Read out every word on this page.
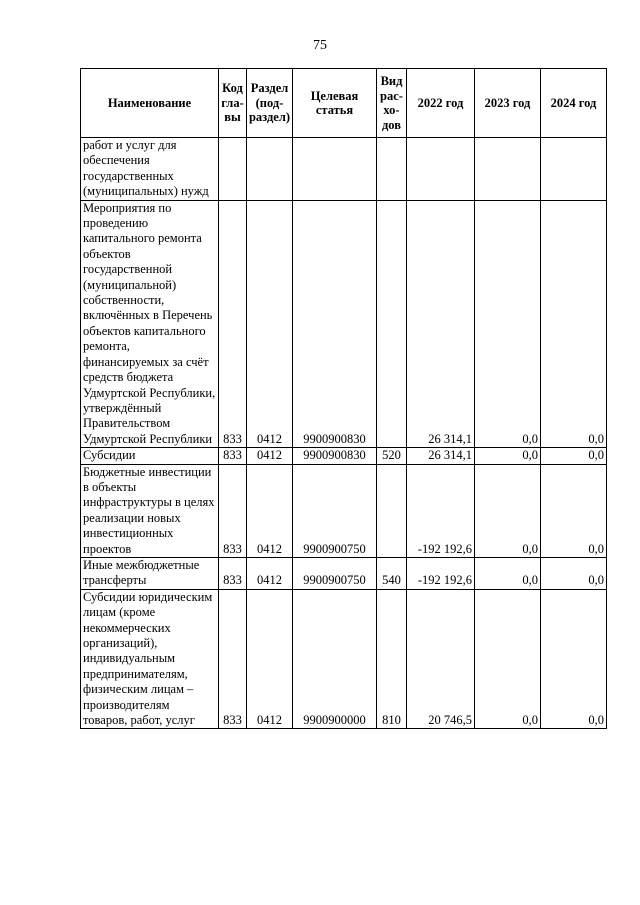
75
Наименование	Код гла-вы	Раздел (под-раздел)	Целевая статья	Вид рас-хо-дов	2022 год	2023 год	2024 год
работ и услуг для обеспечения государственных (муниципальных) нужд							
Мероприятия по проведению капитального ремонта объектов государственной (муниципальной) собственности, включённых в Перечень объектов капитального ремонта, финансируемых за счёт средств бюджета Удмуртской Республики, утверждённый Правительством Удмуртской Республики	833	0412	9900900830		26 314,1	0,0	0,0
Субсидии	833	0412	9900900830	520	26 314,1	0,0	0,0
Бюджетные инвестиции в объекты инфраструктуры в целях реализации новых инвестиционных проектов	833	0412	9900900750		-192 192,6	0,0	0,0
Иные межбюджетные трансферты	833	0412	9900900750	540	-192 192,6	0,0	0,0
Субсидии юридическим лицам (кроме некоммерческих организаций), индивидуальным предпринимателям, физическим лицам – производителям товаров, работ, услуг	833	0412	9900900000	810	20 746,5	0,0	0,0
